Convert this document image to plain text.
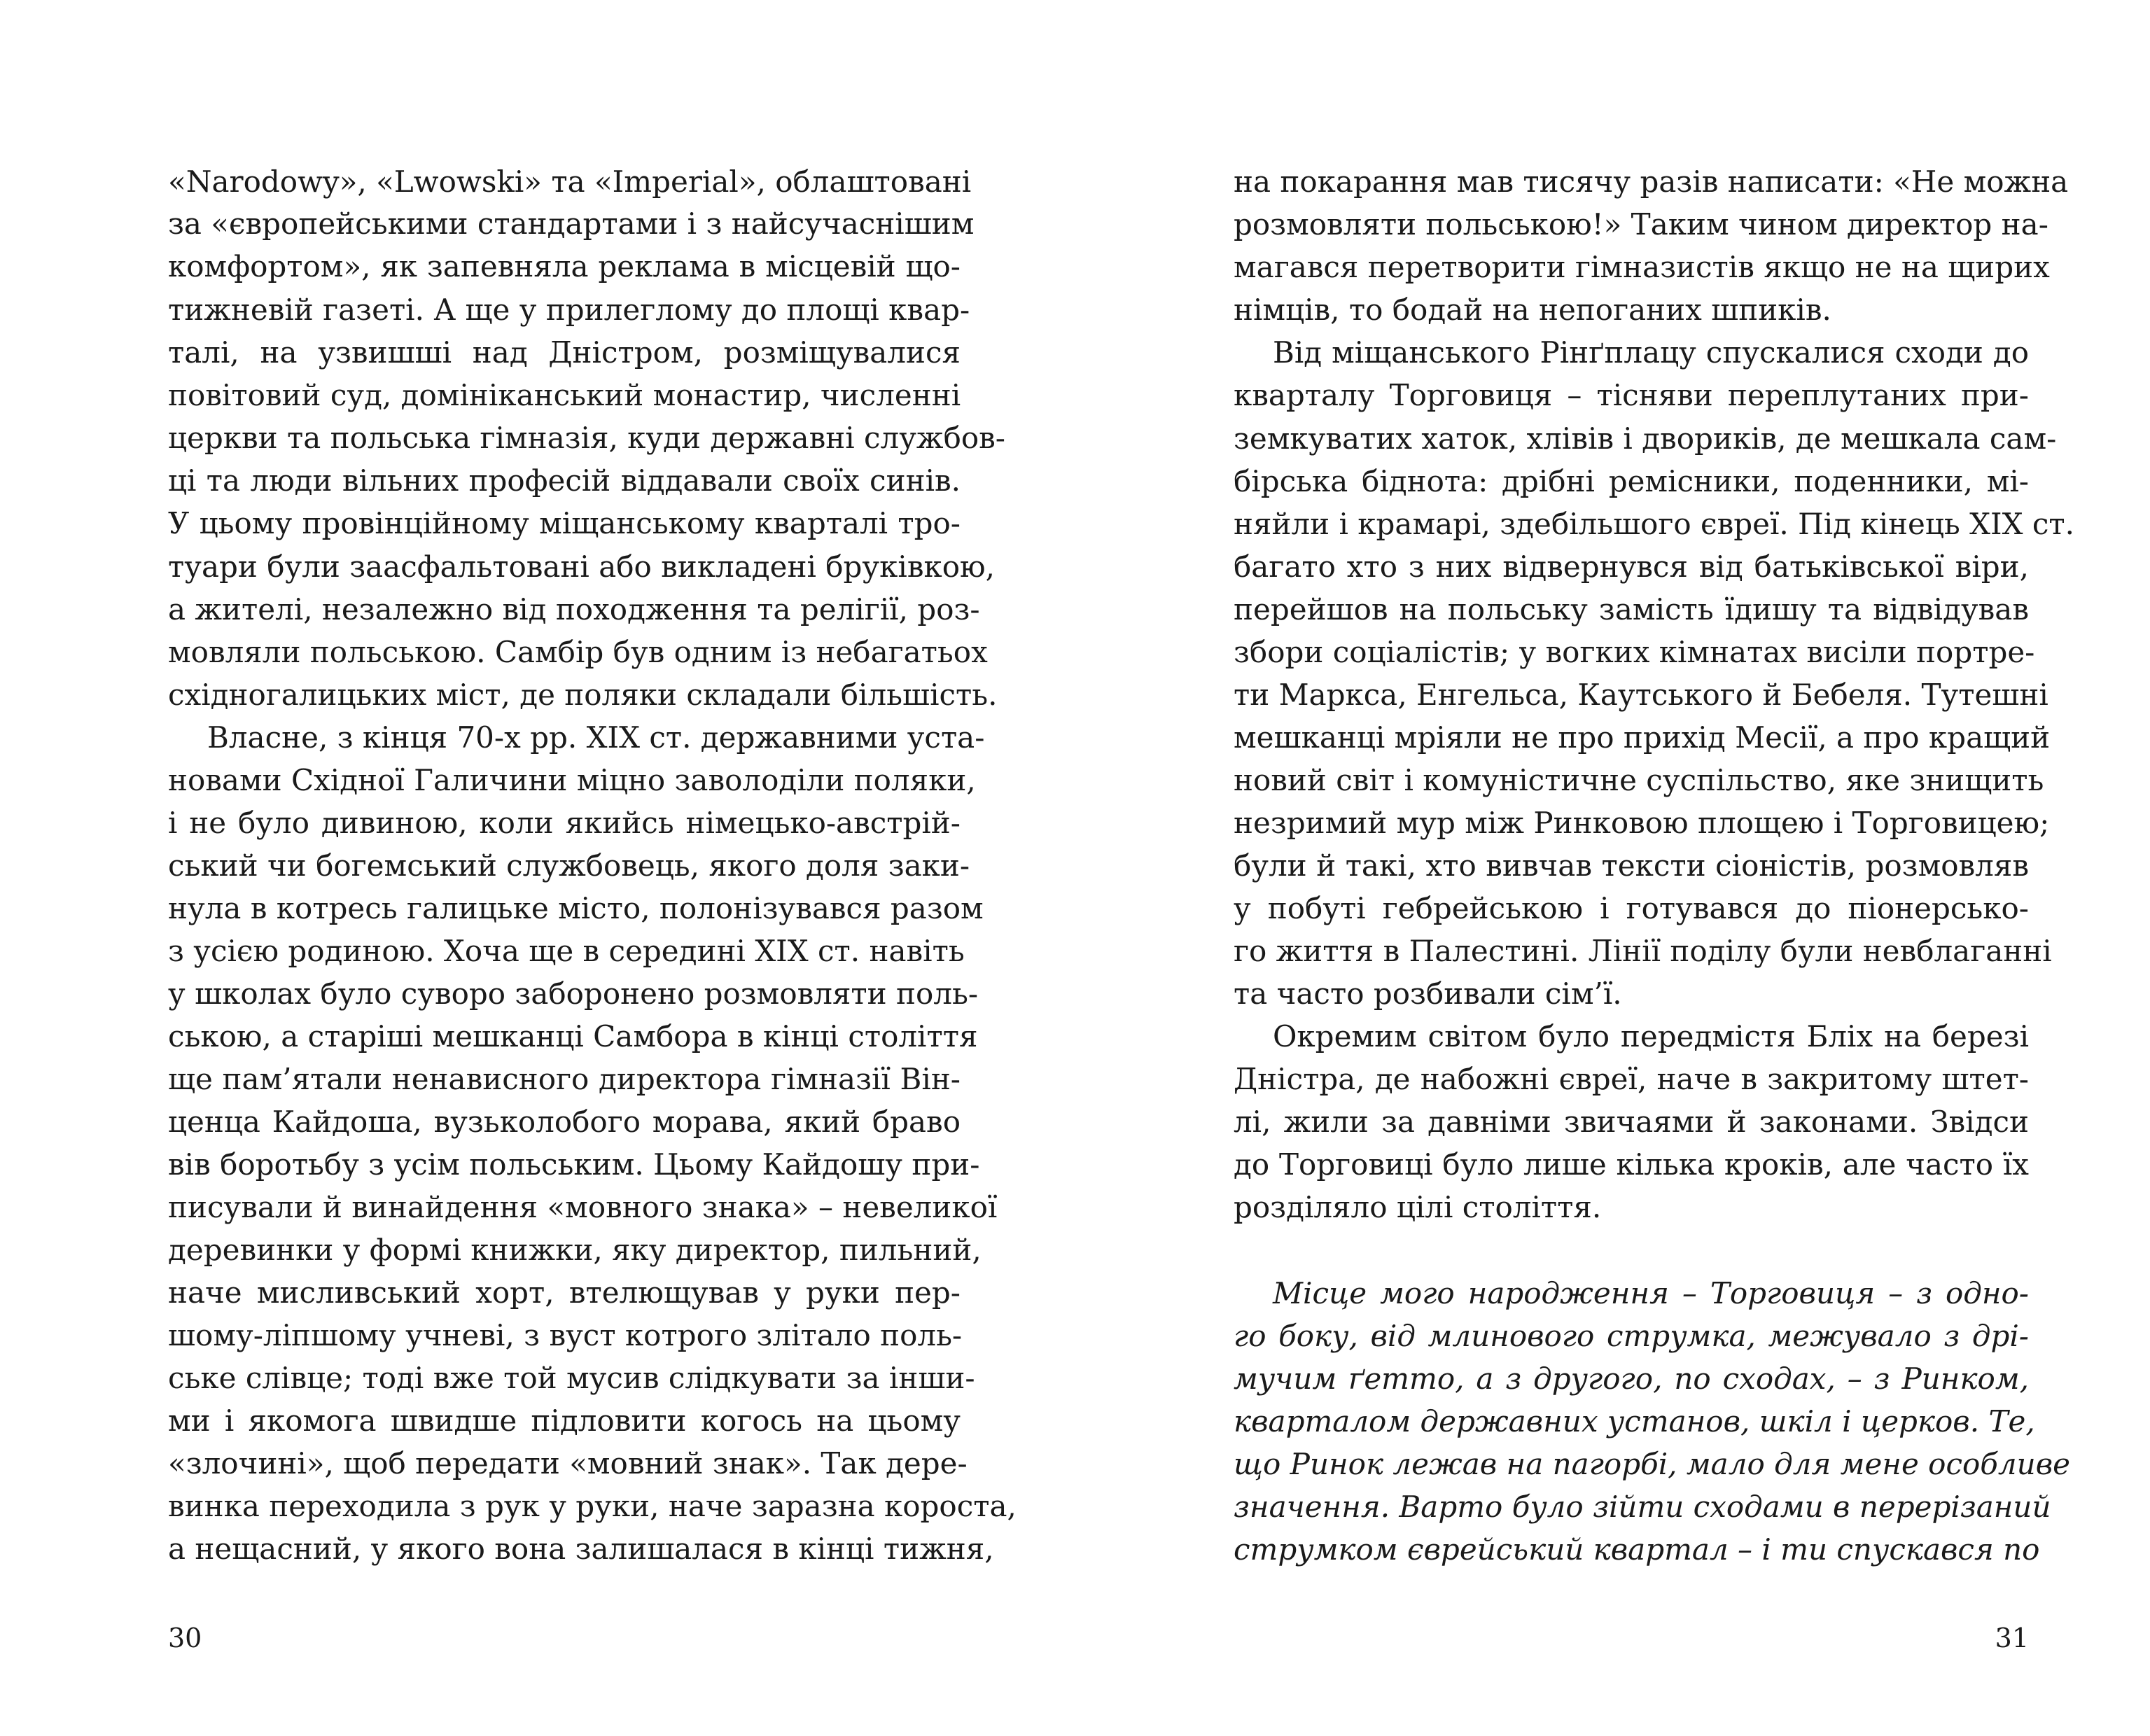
«Narodowy», «Lwowski» та «Imperial», облаштовані
за «європейськими стандартами і з найсучаснішим
комфортом», як запевняла реклама в місцевій що-
тижневій газеті. А ще у прилеглому до площі квар-
талі, на узвишші над Дністром, розміщувалися
повітовий суд, домініканський монастир, численні
церкви та польська гімназія, куди державні службов-
ці та люди вільних професій віддавали своїх синів.
У цьому провінційному міщанському кварталі тро-
туари були заасфальтовані або викладені бруківкою,
а жителі, незалежно від походження та релігії, роз-
мовляли польською. Самбір був одним із небагатьох
східногалицьких міст, де поляки складали більшість.
Власне, з кінця 70-х рр. XIX ст. державними уста-
новами Східної Галичини міцно заволоділи поляки,
і не було дивиною, коли якийсь німецько-австрій-
ський чи богемський службовець, якого доля заки-
нула в котресь галицьке місто, полонізувався разом
з усією родиною. Хоча ще в середині XIX ст. навіть
у школах було суворо заборонено розмовляти поль-
ською, а старіші мешканці Самбора в кінці століття
ще пам’ятали ненависного директора гімназії Він-
ценца Кайдоша, вузьколобого морава, який браво
вів боротьбу з усім польським. Цьому Кайдошу при-
писували й винайдення «мовного знака» – невеликої
деревинки у формі книжки, яку директор, пильний,
наче мисливський хорт, втелющував у руки пер-
шому-ліпшому учневі, з вуст котрого злітало поль-
ське слівце; тоді вже той мусив слідкувати за інши-
ми і якомога швидше підловити когось на цьому
«злочині», щоб передати «мовний знак». Так дере-
винка переходила з рук у руки, наче заразна короста,
а нещасний, у якого вона залишалася в кінці тижня,
30
на покарання мав тисячу разів написати: «Не можна
розмовляти польською!» Таким чином директор на-
магався перетворити гімназистів якщо не на щирих
німців, то бодай на непоганих шпиків.
Від міщанського Рінґплацу спускалися сходи до
кварталу Торговиця – тісняви переплутаних при-
земкуватих хаток, хлівів і двориків, де мешкала сам-
бірська біднота: дрібні ремісники, поденники, мі-
няйли і крамарі, здебільшого євреї. Під кінець XIX ст.
багато хто з них відвернувся від батьківської віри,
перейшов на польську замість їдишу та відвідував
збори соціалістів; у вогких кімнатах висіли портре-
ти Маркса, Енгельса, Каутського й Бебеля. Тутешні
мешканці мріяли не про прихід Месії, а про кращий
новий світ і комуністичне суспільство, яке знищить
незримий мур між Ринковою площею і Торговицею;
були й такі, хто вивчав тексти сіоністів, розмовляв
у побуті гебрейською і готувався до піонерсько-
го життя в Палестині. Лінії поділу були невблаганні
та часто розбивали сім’ї.
Окремим світом було передмістя Бліх на березі
Дністра, де набожні євреї, наче в закритому штет-
лі, жили за давніми звичаями й законами. Звідси
до Торговиці було лише кілька кроків, але часто їх
розділяло цілі століття.
Місце мого народження – Торговиця – з одно-
го боку, від млинового струмка, межувало з дрі-
мучим ґетто, а з другого, по сходах, – з Ринком,
кварталом державних установ, шкіл і церков. Те,
що Ринок лежав на пагорбі, мало для мене особливе
значення. Варто було зійти сходами в перерізаний
струмком єврейський квартал – і ти спускався по
31
